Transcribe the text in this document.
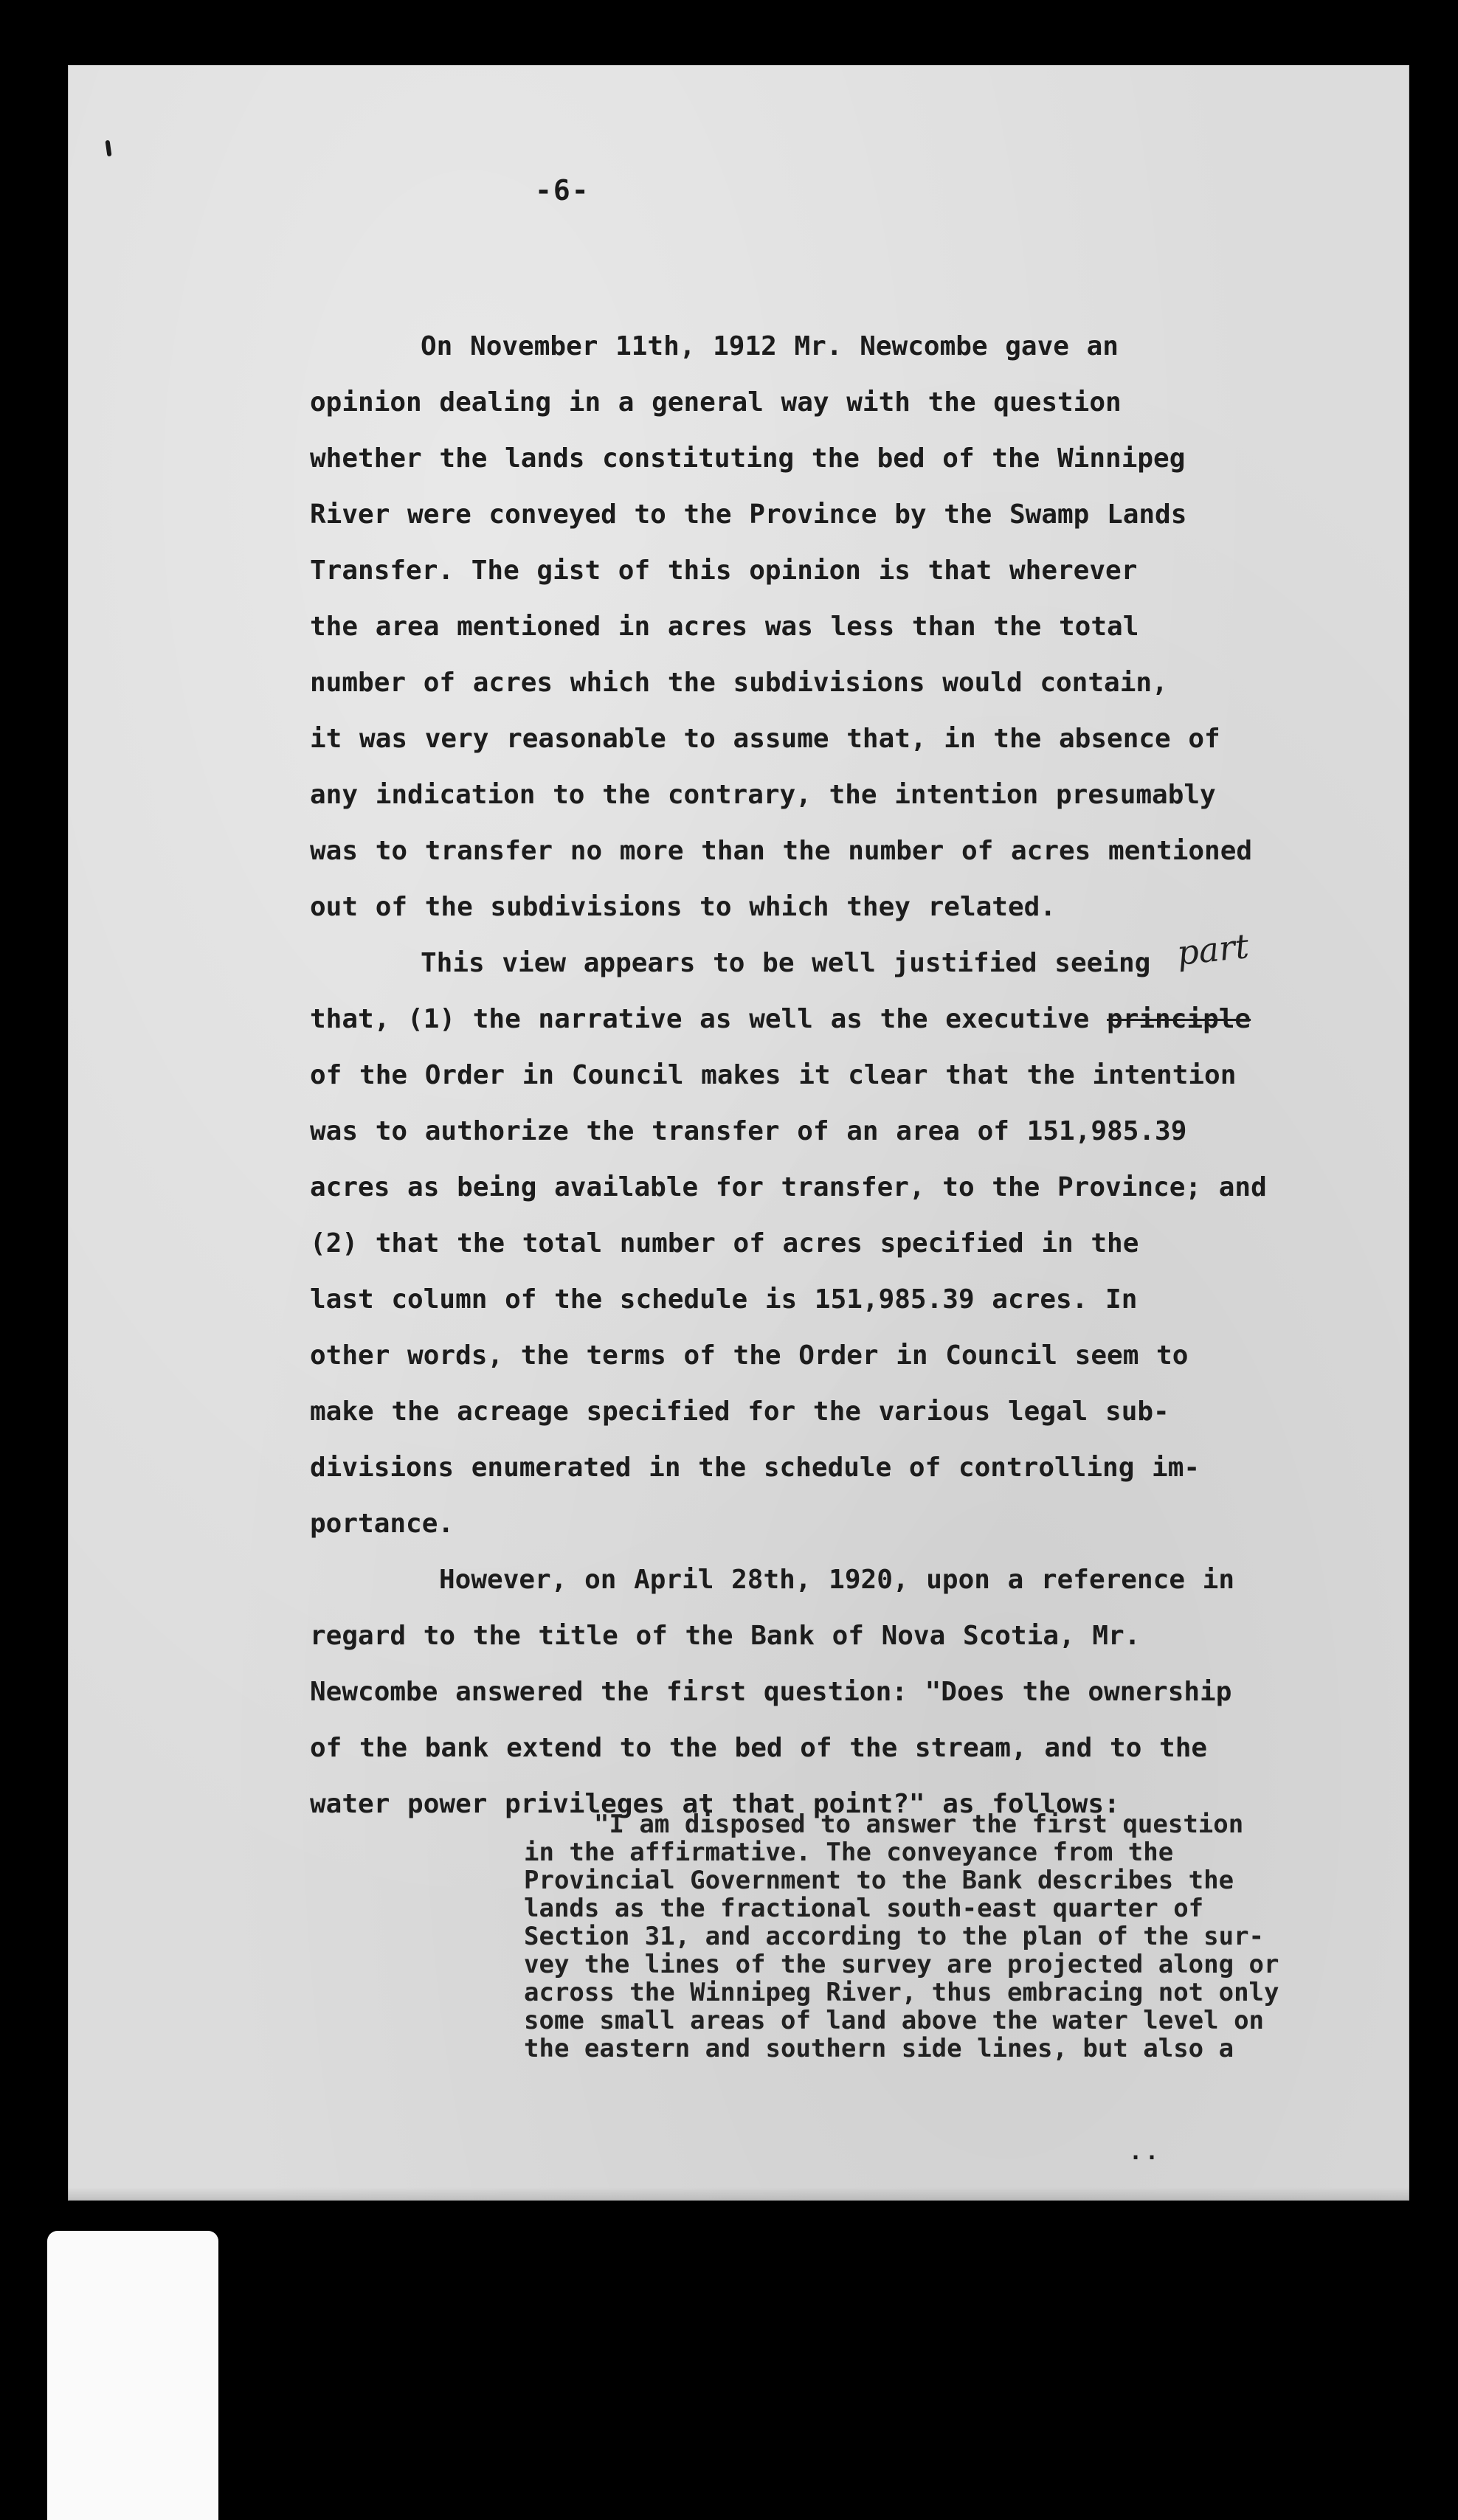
-6-
On November 11th, 1912 Mr. Newcombe gave an
opinion dealing in a general way with the question
whether the lands constituting the bed of the Winnipeg
River were conveyed to the Province by the Swamp Lands
Transfer. The gist of this opinion is that wherever
the area mentioned in acres was less than the total
number of acres which the subdivisions would contain,
it was very reasonable to assume that, in the absence of
any indication to the contrary, the intention presumably
was to transfer no more than the number of acres mentioned
out of the subdivisions to which they related.
This view appears to be well justified seeing
that, (1) the narrative as well as the executive principle
of the Order in Council makes it clear that the intention
was to authorize the transfer of an area of 151,985.39
acres as being available for transfer, to the Province; and
(2) that the total number of acres specified in the
last column of the schedule is 151,985.39 acres. In
other words, the terms of the Order in Council seem to
make the acreage specified for the various legal sub-
divisions enumerated in the schedule of controlling im-
portance.
However, on April 28th, 1920, upon a reference in
regard to the title of the Bank of Nova Scotia, Mr.
Newcombe answered the first question: "Does the ownership
of the bank extend to the bed of the stream, and to the
water power privileges at that point?" as follows:
part
"I am disposed to answer the first question
in the affirmative. The conveyance from the
Provincial Government to the Bank describes the
lands as the fractional south-east quarter of
Section 31, and according to the plan of the sur-
vey the lines of the survey are projected along or
across the Winnipeg River, thus embracing not only
some small areas of land above the water level on
the eastern and southern side lines, but also a
..
